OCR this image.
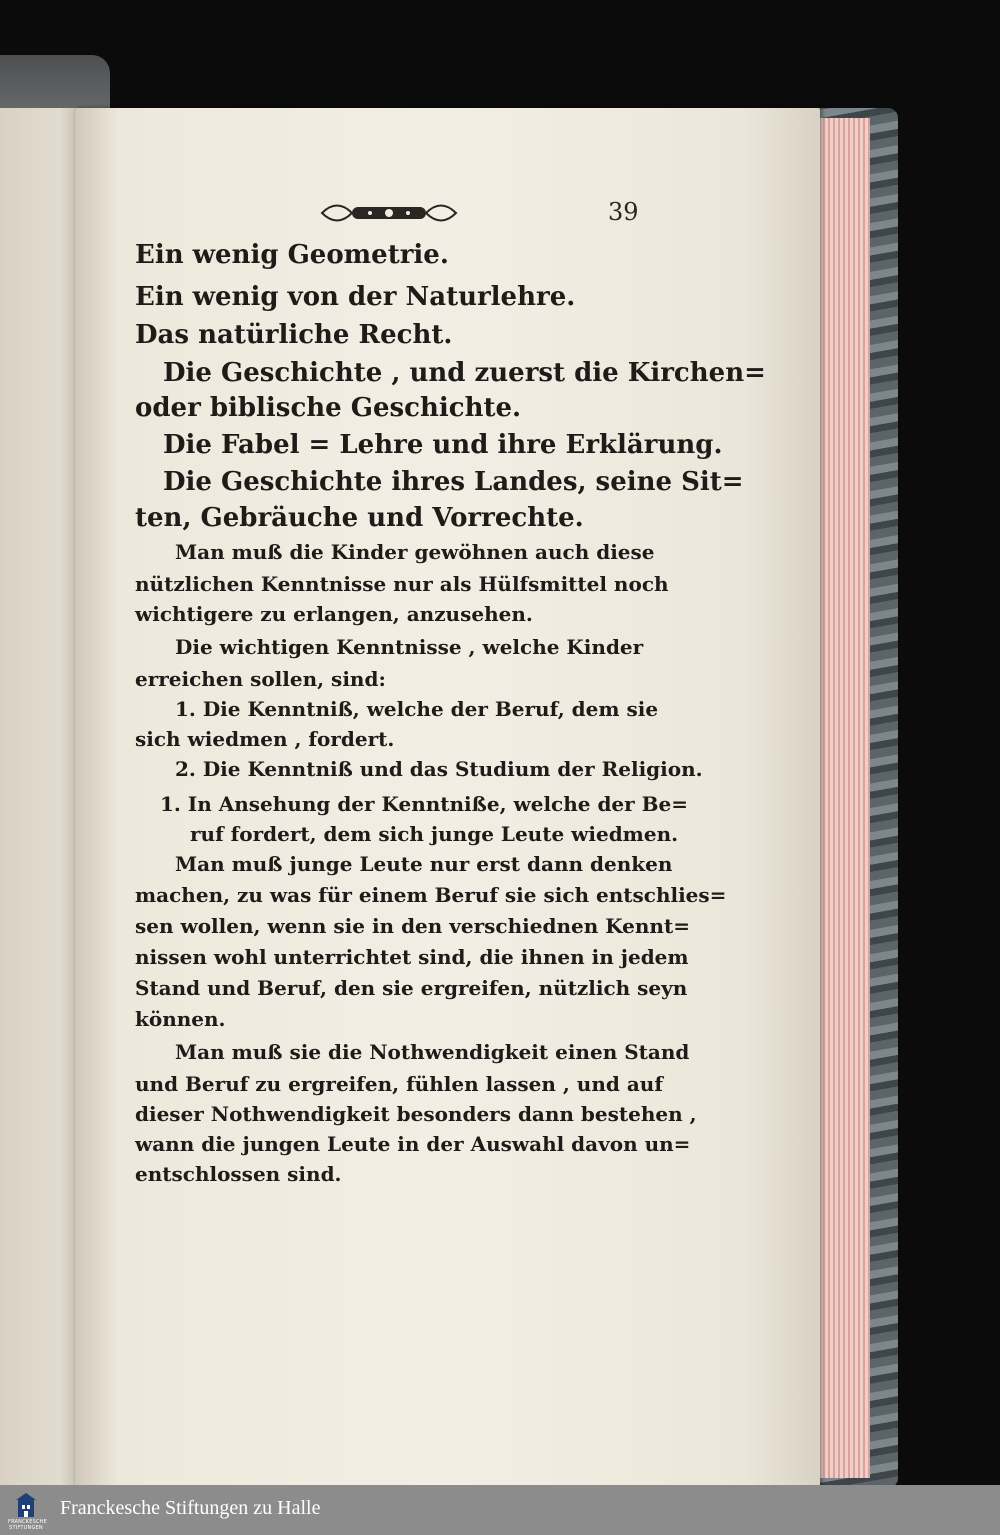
39
Ein wenig Geometrie.
Ein wenig von der Naturlehre.
Das natürliche Recht.
Die Geschichte , und zuerst die Kirchen=
oder biblische Geschichte.
Die Fabel = Lehre und ihre Erklärung.
Die Geschichte ihres Landes, seine Sit=
ten, Gebräuche und Vorrechte.
Man muß die Kinder gewöhnen auch diese
nützlichen Kenntnisse nur als Hülfsmittel noch
wichtigere zu erlangen, anzusehen.
Die wichtigen Kenntnisse , welche Kinder
erreichen sollen, sind:
1. Die Kenntniß, welche der Beruf, dem sie
sich wiedmen , fordert.
2. Die Kenntniß und das Studium der Religion.
1. In Ansehung der Kenntniße, welche der Be=
ruf fordert, dem sich junge Leute wiedmen.
Man muß junge Leute nur erst dann denken
machen, zu was für einem Beruf sie sich entschlies=
sen wollen, wenn sie in den verschiednen Kennt=
nissen wohl unterrichtet sind, die ihnen in jedem
Stand und Beruf, den sie ergreifen, nützlich seyn
können.
Man muß sie die Nothwendigkeit einen Stand
und Beruf zu ergreifen, fühlen lassen , und auf
dieser Nothwendigkeit besonders dann bestehen ,
wann die jungen Leute in der Auswahl davon un=
entschlossen sind.
FRANCKESCHE STIFTUNGEN
Franckesche Stiftungen zu Halle
